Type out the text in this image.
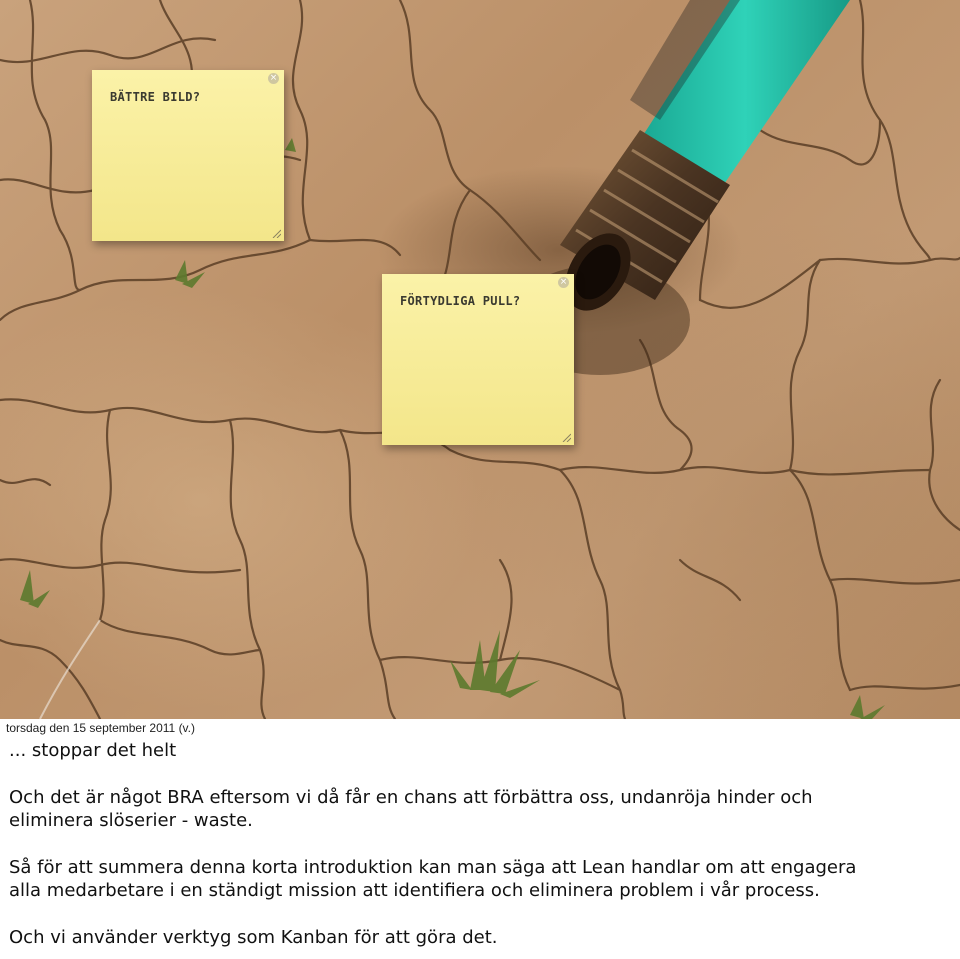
BÄTTRE BILD?
×
FÖRTYDLIGA PULL?
×
torsdag den 15 september 2011 (v.)

... stoppar det helt

Och det är något BRA eftersom vi då får en chans att förbättra oss, undanröja hinder och

eliminera slöserier - waste.

Så för att summera denna korta introduktion kan man säga att Lean handlar om att engagera

alla medarbetare i en ständigt mission att identifiera och eliminera problem i vår process.

Och vi använder verktyg som Kanban för att göra det.
